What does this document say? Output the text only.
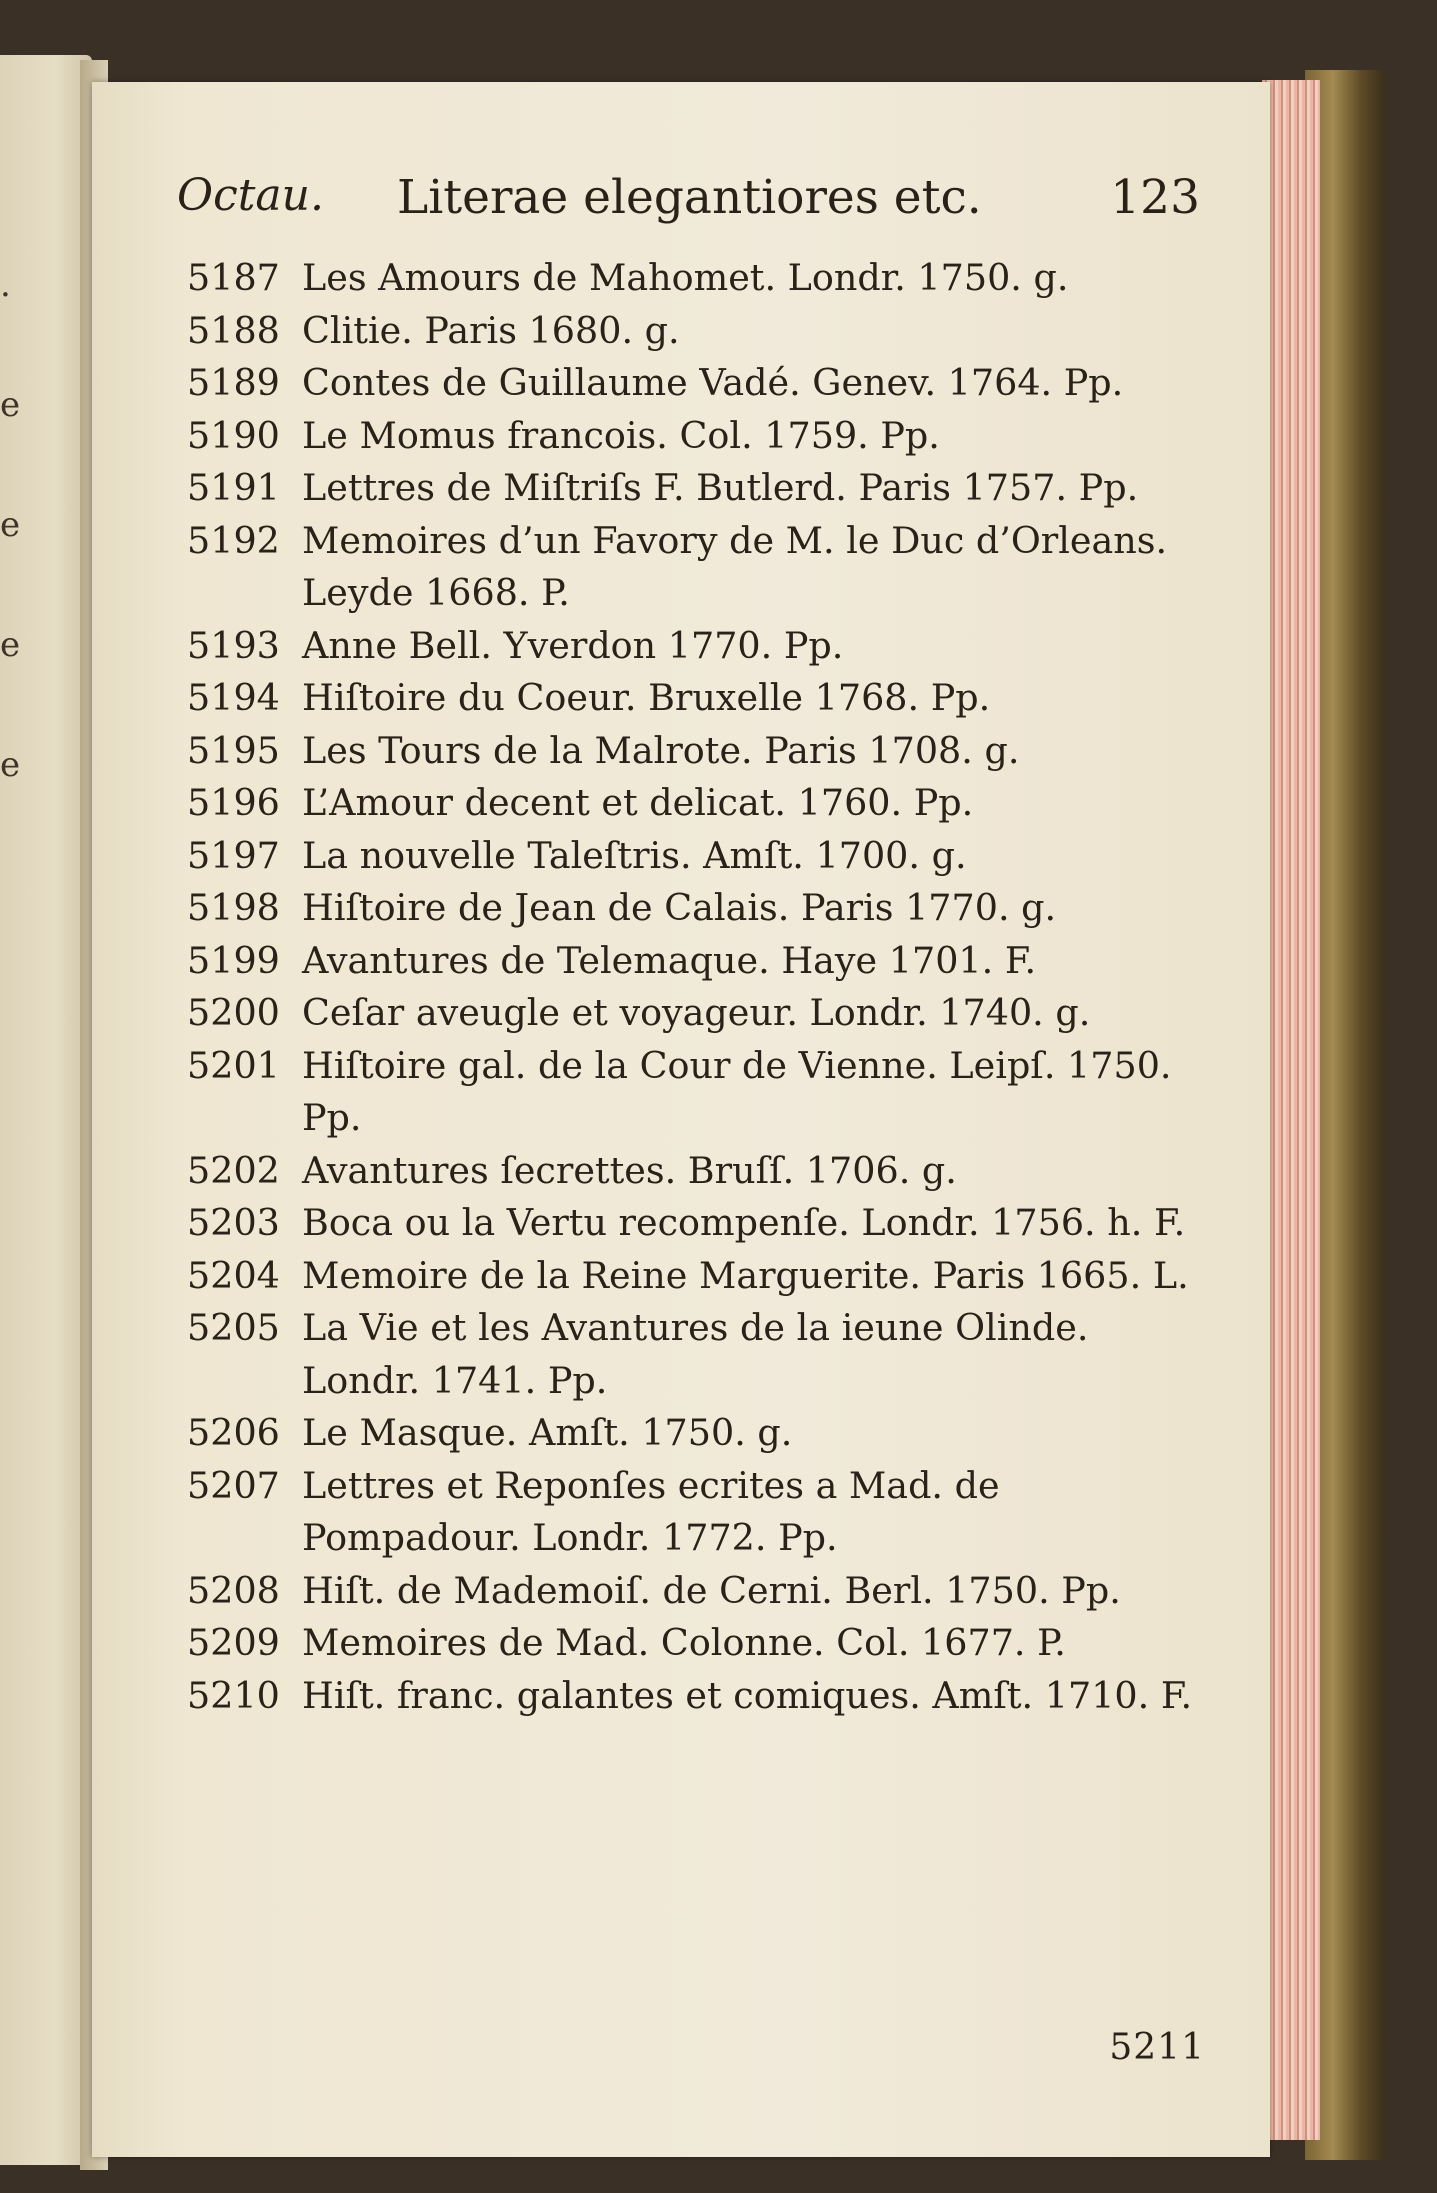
.
e
e
e
e
Octau. Literae elegantiores etc.	123
5187 Les Amours de Mahomet. Londr. 1750. g.
5188 Clitie. Paris 1680. g.
5189 Contes de Guillaume Vadé. Genev. 1764. Pp.
5190 Le Momus francois. Col. 1759. Pp.
5191 Lettres de Miſtriſs F. Butlerd. Paris 1757. Pp.
5192 Memoires d’un Favory de M. le Duc d’Orleans. Leyde 1668. P.
5193 Anne Bell. Yverdon 1770. Pp.
5194 Hiſtoire du Coeur. Bruxelle 1768. Pp.
5195 Les Tours de la Malrote. Paris 1708. g.
5196 L’Amour decent et delicat. 1760. Pp.
5197 La nouvelle Taleſtris. Amſt. 1700. g.
5198 Hiſtoire de Jean de Calais. Paris 1770. g.
5199 Avantures de Telemaque. Haye 1701. F.
5200 Ceſar aveugle et voyageur. Londr. 1740. g.
5201 Hiſtoire gal. de la Cour de Vienne. Leipſ. 1750. Pp.
5202 Avantures ſecrettes. Bruſſ. 1706. g.
5203 Boca ou la Vertu recompenſe. Londr. 1756. h. F.
5204 Memoire de la Reine Marguerite. Paris 1665. L.
5205 La Vie et les Avantures de la ieune Olinde. Londr. 1741. Pp.
5206 Le Masque. Amſt. 1750. g.
5207 Lettres et Reponſes ecrites a Mad. de Pompadour. Londr. 1772. Pp.
5208 Hiſt. de Mademoiſ. de Cerni. Berl. 1750. Pp.
5209 Memoires de Mad. Colonne. Col. 1677. P.
5210 Hiſt. franc. galantes et comiques. Amſt. 1710. F.
5211
